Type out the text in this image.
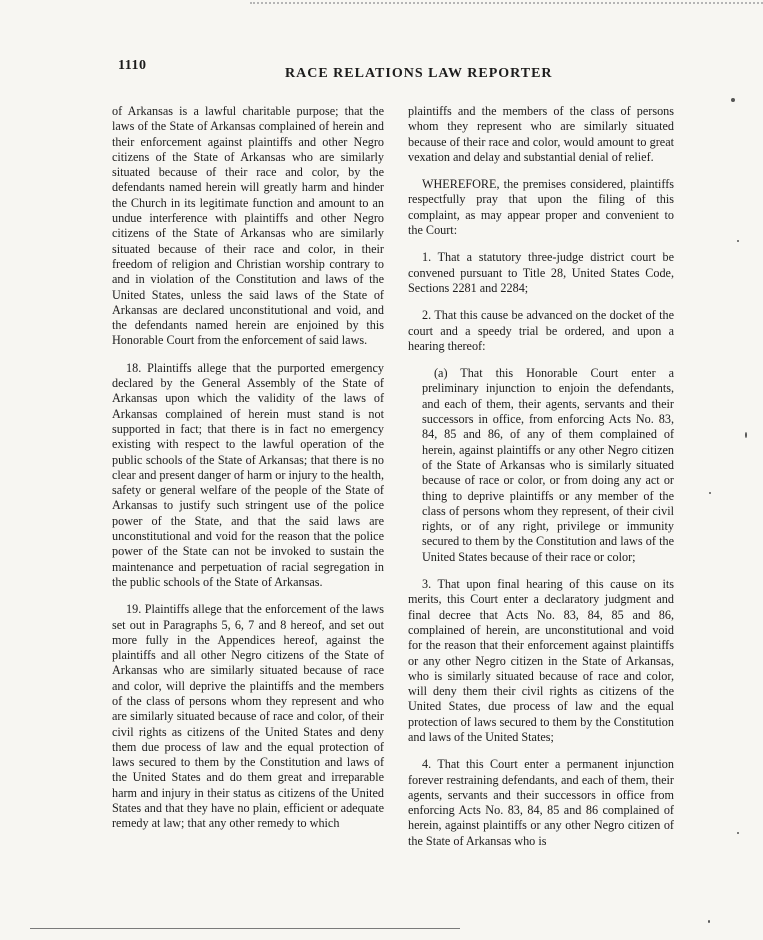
1110
RACE RELATIONS LAW REPORTER

of Arkansas is a lawful charitable purpose; that the laws of the State of Arkansas complained of herein and their enforcement against plaintiffs and other Negro citizens of the State of Arkansas who are similarly situated because of their race and color, by the defendants named herein will greatly harm and hinder the Church in its legitimate function and amount to an undue interference with plaintiffs and other Negro citizens of the State of Arkansas who are similarly situated because of their race and color, in their freedom of religion and Christian worship contrary to and in violation of the Constitution and laws of the United States, unless the said laws of the State of Arkansas are declared unconstitutional and void, and the defendants named herein are enjoined by this Honorable Court from the enforcement of said laws.

18. Plaintiffs allege that the purported emergency declared by the General Assembly of the State of Arkansas upon which the validity of the laws of Arkansas complained of herein must stand is not supported in fact; that there is in fact no emergency existing with respect to the lawful operation of the public schools of the State of Arkansas; that there is no clear and present danger of harm or injury to the health, safety or general welfare of the people of the State of Arkansas to justify such stringent use of the police power of the State, and that the said laws are unconstitutional and void for the reason that the police power of the State can not be invoked to sustain the maintenance and perpetuation of racial segregation in the public schools of the State of Arkansas.

19. Plaintiffs allege that the enforcement of the laws set out in Paragraphs 5, 6, 7 and 8 hereof, and set out more fully in the Appendices hereof, against the plaintiffs and all other Negro citizens of the State of Arkansas who are similarly situated because of race and color, will deprive the plaintiffs and the members of the class of persons whom they represent and who are similarly situated because of race and color, of their civil rights as citizens of the United States and deny them due process of law and the equal protection of laws secured to them by the Constitution and laws of the United States and do them great and irreparable harm and injury in their status as citizens of the United States and that they have no plain, efficient or adequate remedy at law; that any other remedy to which

plaintiffs and the members of the class of persons whom they represent who are similarly situated because of their race and color, would amount to great vexation and delay and substantial denial of relief.

WHEREFORE, the premises considered, plaintiffs respectfully pray that upon the filing of this complaint, as may appear proper and convenient to the Court:

1. That a statutory three-judge district court be convened pursuant to Title 28, United States Code, Sections 2281 and 2284;

2. That this cause be advanced on the docket of the court and a speedy trial be ordered, and upon a hearing thereof:

(a) That this Honorable Court enter a preliminary injunction to enjoin the defendants, and each of them, their agents, servants and their successors in office, from enforcing Acts No. 83, 84, 85 and 86, of any of them complained of herein, against plaintiffs or any other Negro citizen of the State of Arkansas who is similarly situated because of race or color, or from doing any act or thing to deprive plaintiffs or any member of the class of persons whom they represent, of their civil rights, or of any right, privilege or immunity secured to them by the Constitution and laws of the United States because of their race or color;

3. That upon final hearing of this cause on its merits, this Court enter a declaratory judgment and final decree that Acts No. 83, 84, 85 and 86, complained of herein, are unconstitutional and void for the reason that their enforcement against plaintiffs or any other Negro citizen in the State of Arkansas, who is similarly situated because of race and color, will deny them their civil rights as citizens of the United States, due process of law and the equal protection of laws secured to them by the Constitution and laws of the United States;

4. That this Court enter a permanent injunction forever restraining defendants, and each of them, their agents, servants and their successors in office from enforcing Acts No. 83, 84, 85 and 86 complained of herein, against plaintiffs or any other Negro citizen of the State of Arkansas who is
